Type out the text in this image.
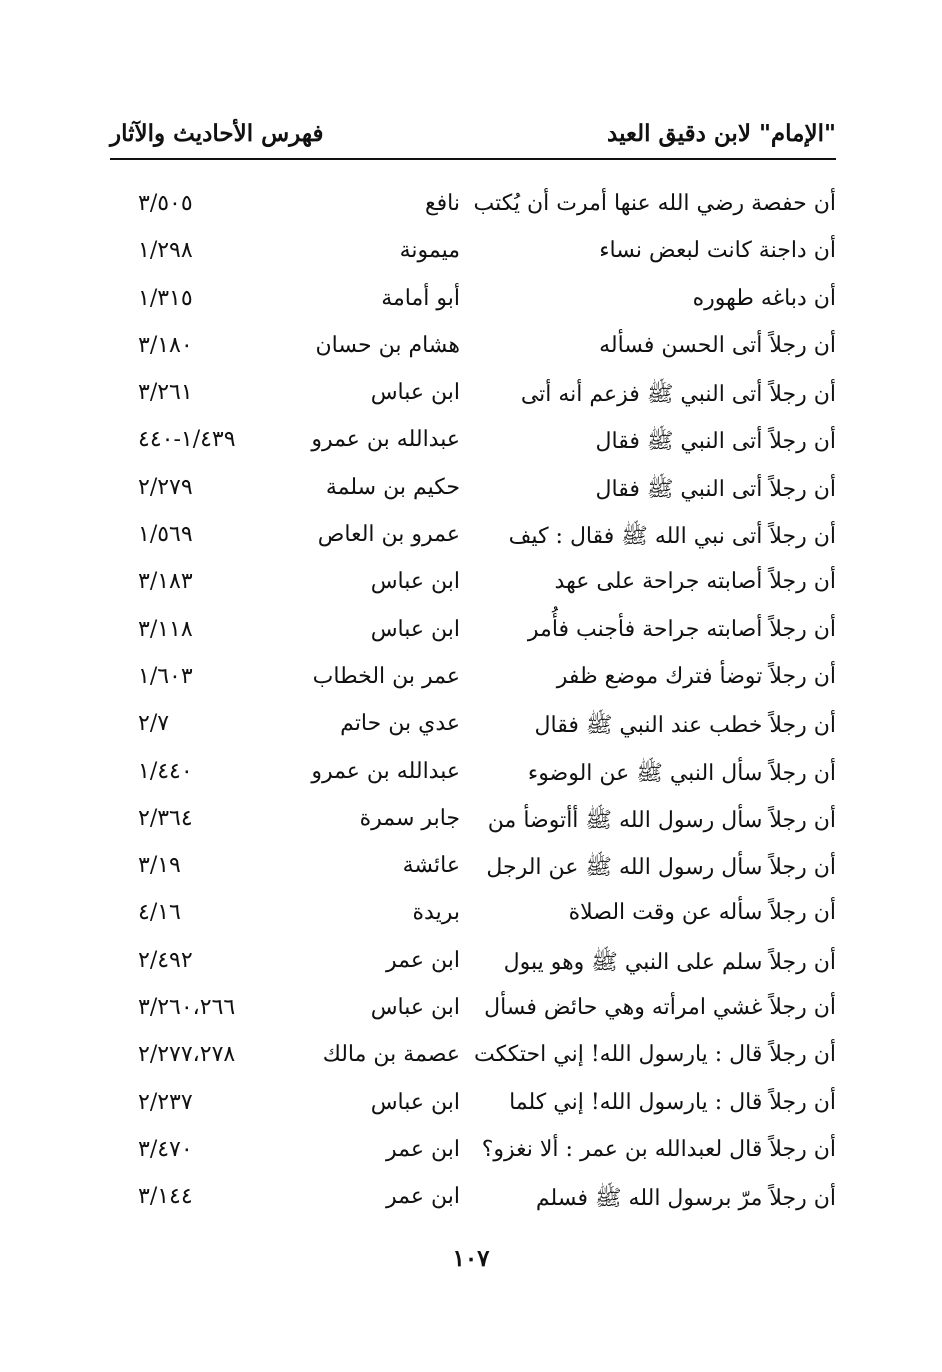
"الإمام" لابن دقيق العيد
فهرس الأحاديث والآثار
أن حفصة رضي الله عنها أمرت أن يُكتب
نافع
٣/٥٠٥
أن داجنة كانت لبعض نساء
ميمونة
١/٢٩٨
أن دباغه طهوره
أبو أمامة
١/٣١٥
أن رجلاً أتى الحسن فسأله
هشام بن حسان
٣/١٨٠
أن رجلاً أتى النبي ﷺ فزعم أنه أتى
ابن عباس
٣/٢٦١
أن رجلاً أتى النبي ﷺ فقال
عبدالله بن عمرو
١/٤٣٩-٤٤٠
أن رجلاً أتى النبي ﷺ فقال
حكيم بن سلمة
٢/٢٧٩
أن رجلاً أتى نبي الله ﷺ فقال : كيف
عمرو بن العاص
١/٥٦٩
أن رجلاً أصابته جراحة على عهد
ابن عباس
٣/١٨٣
أن رجلاً أصابته جراحة فأجنب فأُمر
ابن عباس
٣/١١٨
أن رجلاً توضأ فترك موضع ظفر
عمر بن الخطاب
١/٦٠٣
أن رجلاً خطب عند النبي ﷺ فقال
عدي بن حاتم
٢/٧
أن رجلاً سأل النبي ﷺ عن الوضوء
عبدالله بن عمرو
١/٤٤٠
أن رجلاً سأل رسول الله ﷺ أأتوضأ من
جابر سمرة
٢/٣٦٤
أن رجلاً سأل رسول الله ﷺ عن الرجل
عائشة
٣/١٩
أن رجلاً سأله عن وقت الصلاة
بريدة
٤/١٦
أن رجلاً سلم على النبي ﷺ وهو يبول
ابن عمر
٢/٤٩٢
أن رجلاً غشي امرأته وهي حائض فسأل
ابن عباس
٣/٢٦٠،٢٦٦
أن رجلاً قال : يارسول الله! إني احتككت
عصمة بن مالك
٢/٢٧٧،٢٧٨
أن رجلاً قال : يارسول الله! إني كلما
ابن عباس
٢/٢٣٧
أن رجلاً قال لعبدالله بن عمر : ألا نغزو؟
ابن عمر
٣/٤٧٠
أن رجلاً مرّ برسول الله ﷺ فسلم
ابن عمر
٣/١٤٤
١٠٧
